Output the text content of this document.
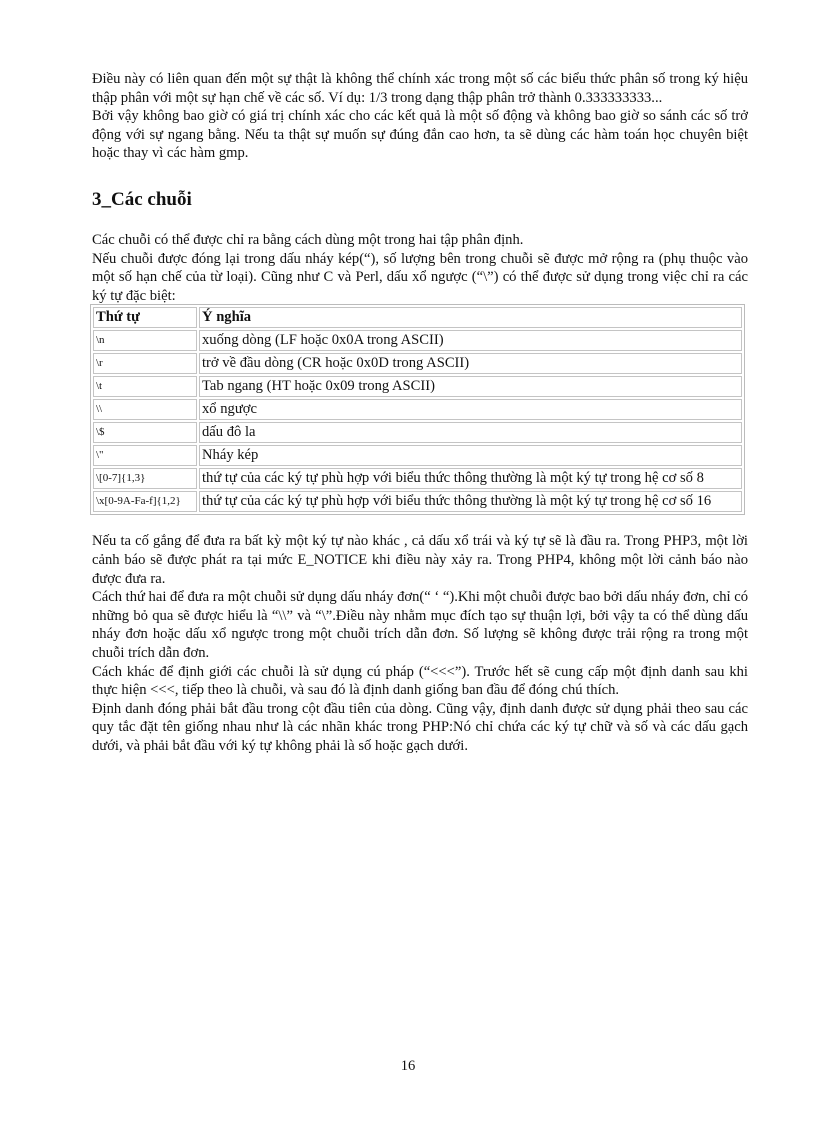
Điều này có liên quan đến một sự thật là không thể chính xác trong một số các biểu thức phân số trong ký hiệu thập phân với một sự hạn chế về các số. Ví dụ: 1/3 trong dạng thập phân trở thành 0.333333333...

Bởi vậy không bao giờ có giá trị chính xác cho các kết quả là một số động và không bao giờ so sánh các số trở động với sự ngang bằng. Nếu ta thật sự muốn sự đúng đắn cao hơn, ta sẽ dùng các hàm toán học chuyên biệt hoặc thay vì các hàm gmp.

3_Các chuỗi

Các chuỗi có thể được chỉ ra bằng cách dùng một trong hai tập phân định.

Nếu chuỗi được đóng lại trong dấu nháy kép(“), số lượng bên trong chuỗi sẽ được mở rộng ra (phụ thuộc vào một số hạn chế của từ loại). Cũng như C và Perl, dấu xổ ngược (“\”) có thể được sử dụng trong việc chỉ ra các ký tự đặc biệt:

Thứ tự	Ý nghĩa
\n	xuống dòng (LF hoặc 0x0A trong ASCII)
\r	trở về đầu dòng (CR hoặc 0x0D trong ASCII)
\t	Tab ngang (HT hoặc 0x09 trong ASCII)
\\	xổ ngược
\$	dấu đô la
\"	Nháy kép
\[0-7]{1,3}	thứ tự của các ký tự phù hợp với biểu thức thông thường là một ký tự trong hệ cơ số 8
\x[0-9A-Fa-f]{1,2}	thứ tự của các ký tự phù hợp với biểu thức thông thường là một ký tự trong hệ cơ số 16

Nếu ta cố gắng để đưa ra bất kỳ một ký tự nào khác , cả dấu xổ trái và ký tự sẽ là đầu ra. Trong PHP3, một lời cảnh báo sẽ được phát ra tại mức E_NOTICE khi điều này xảy ra. Trong PHP4, không một lời cảnh báo nào được đưa ra.

Cách thứ hai để đưa ra một chuỗi sử dụng dấu nháy đơn(“ ‘ “).Khi một chuỗi được bao bởi dấu nháy đơn, chỉ có những bỏ qua sẽ được hiểu là “\\” và “\”.Điều này nhằm mục đích tạo sự thuận lợi, bởi vậy ta có thể dùng dấu nháy đơn hoặc dấu xổ ngược trong một chuỗi trích dẫn đơn. Số lượng sẽ không được trải rộng ra trong một chuỗi trích dẫn đơn.

Cách khác để định giới các chuỗi là sử dụng cú pháp (“<<<”). Trước hết sẽ cung cấp một định danh sau khi thực hiện <<<, tiếp theo là chuỗi, và sau đó là định danh giống ban đầu để đóng chú thích.

Định danh đóng phải bắt đầu trong cột đầu tiên của dòng. Cũng vậy, định danh được sử dụng phải theo sau các quy tắc đặt tên giống nhau như là các nhãn khác trong PHP:Nó chỉ chứa các ký tự chữ và số và các dấu gạch dưới, và phải bắt đầu với ký tự không phải là số hoặc gạch dưới.

16
